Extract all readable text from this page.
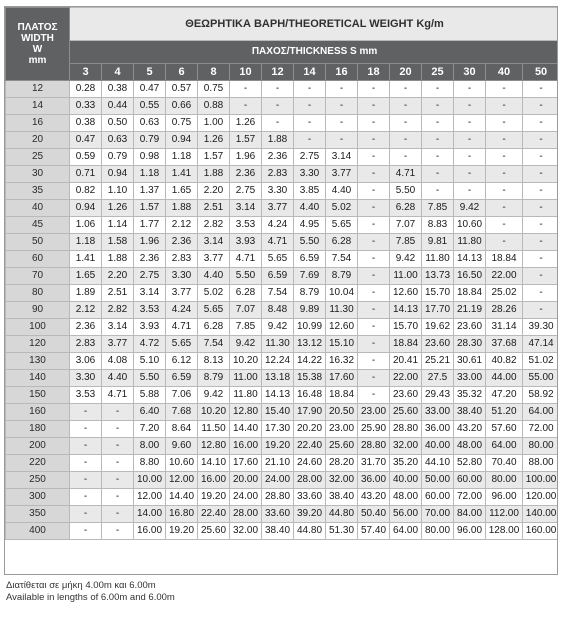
ΠΛΑΤΟΣ
WIDTH
W
mm	ΘΕΩΡΗΤΙΚΑ ΒΑΡΗ/THEORETICAL WEIGHT Kg/m														
	ΠΑΧΟΣ/THICKNESS S mm														
	3	4	5	6	8	10	12	14	16	18	20	25	30	40	50
12	0.28	0.38	0.47	0.57	0.75	-	-	-	-	-	-	-	-	-	-
14	0.33	0.44	0.55	0.66	0.88	-	-	-	-	-	-	-	-	-	-
16	0.38	0.50	0.63	0.75	1.00	1.26	-	-	-	-	-	-	-	-	-
20	0.47	0.63	0.79	0.94	1.26	1.57	1.88	-	-	-	-	-	-	-	-
25	0.59	0.79	0.98	1.18	1.57	1.96	2.36	2.75	3.14	-	-	-	-	-	-
30	0.71	0.94	1.18	1.41	1.88	2.36	2.83	3.30	3.77	-	4.71	-	-	-	-
35	0.82	1.10	1.37	1.65	2.20	2.75	3.30	3.85	4.40	-	5.50	-	-	-	-
40	0.94	1.26	1.57	1.88	2.51	3.14	3.77	4.40	5.02	-	6.28	7.85	9.42	-	-
45	1.06	1.14	1.77	2.12	2.82	3.53	4.24	4.95	5.65	-	7.07	8.83	10.60	-	-
50	1.18	1.58	1.96	2.36	3.14	3.93	4.71	5.50	6.28	-	7.85	9.81	11.80	-	-
60	1.41	1.88	2.36	2.83	3.77	4.71	5.65	6.59	7.54	-	9.42	11.80	14.13	18.84	-
70	1.65	2.20	2.75	3.30	4.40	5.50	6.59	7.69	8.79	-	11.00	13.73	16.50	22.00	-
80	1.89	2.51	3.14	3.77	5.02	6.28	7.54	8.79	10.04	-	12.60	15.70	18.84	25.02	-
90	2.12	2.82	3.53	4.24	5.65	7.07	8.48	9.89	11.30	-	14.13	17.70	21.19	28.26	-
100	2.36	3.14	3.93	4.71	6.28	7.85	9.42	10.99	12.60	-	15.70	19.62	23.60	31.14	39.30
120	2.83	3.77	4.72	5.65	7.54	9.42	11.30	13.12	15.10	-	18.84	23.60	28.30	37.68	47.14
130	3.06	4.08	5.10	6.12	8.13	10.20	12.24	14.22	16.32	-	20.41	25.21	30.61	40.82	51.02
140	3.30	4.40	5.50	6.59	8.79	11.00	13.18	15.38	17.60	-	22.00	27.5	33.00	44.00	55.00
150	3.53	4.71	5.88	7.06	9.42	11.80	14.13	16.48	18.84	-	23.60	29.43	35.32	47.20	58.92
160	-	-	6.40	7.68	10.20	12.80	15.40	17.90	20.50	23.00	25.60	33.00	38.40	51.20	64.00
180	-	-	7.20	8.64	11.50	14.40	17.30	20.20	23.00	25.90	28.80	36.00	43.20	57.60	72.00
200	-	-	8.00	9.60	12.80	16.00	19.20	22.40	25.60	28.80	32.00	40.00	48.00	64.00	80.00
220	-	-	8.80	10.60	14.10	17.60	21.10	24.60	28.20	31.70	35.20	44.10	52.80	70.40	88.00
250	-	-	10.00	12.00	16.00	20.00	24.00	28.00	32.00	36.00	40.00	50.00	60.00	80.00	100.00
300	-	-	12.00	14.40	19.20	24.00	28.80	33.60	38.40	43.20	48.00	60.00	72.00	96.00	120.00
350	-	-	14.00	16.80	22.40	28.00	33.60	39.20	44.80	50.40	56.00	70.00	84.00	112.00	140.00
400	-	-	16.00	19.20	25.60	32.00	38.40	44.80	51.30	57.40	64.00	80.00	96.00	128.00	160.00
Διατίθεται σε μήκη 4.00m και 6.00m
Available in lengths of 6.00m and 6.00m
